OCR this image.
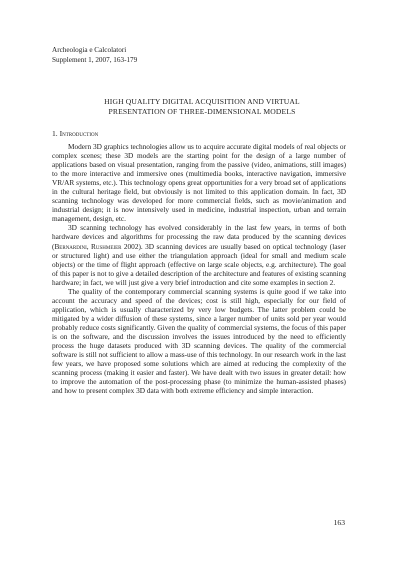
Archeologia e Calcolatori
Supplement 1, 2007, 163-179
HIGH QUALITY DIGITAL ACQUISITION AND VIRTUAL
PRESENTATION OF THREE-DIMENSIONAL MODELS
1. Introduction

Modern 3D graphics technologies allow us to acquire accurate digital models of real objects or complex scenes; these 3D models are the starting point for the design of a large number of applications based on visual presentation, ranging from the passive (video, animations, still images) to the more interactive and immersive ones (multimedia books, interactive navigation, immersive VR/AR systems, etc.). This technology opens great opportunities for a very broad set of applications in the cultural heritage field, but obviously is not limited to this application domain. In fact, 3D scanning technology was developed for more commercial fields, such as movie/animation and industrial design; it is now intensively used in medicine, industrial inspection, urban and terrain management, design, etc.

3D scanning technology has evolved considerably in the last few years, in terms of both hardware devices and algorithms for processing the raw data produced by the scanning devices (Bernardini, Rushmeier 2002). 3D scanning devices are usually based on optical technology (laser or structured light) and use either the triangulation approach (ideal for small and medium scale objects) or the time of flight approach (effective on large scale objects, e.g. architecture). The goal of this paper is not to give a detailed description of the architecture and features of existing scanning hardware; in fact, we will just give a very brief introduction and cite some examples in section 2.

The quality of the contemporary commercial scanning systems is quite good if we take into account the accuracy and speed of the devices; cost is still high, especially for our field of application, which is usually characterized by very low budgets. The latter problem could be mitigated by a wider diffusion of these systems, since a larger number of units sold per year would probably reduce costs significantly. Given the quality of commercial systems, the focus of this paper is on the software, and the discussion involves the issues introduced by the need to efficiently process the huge datasets produced with 3D scanning devices. The quality of the commercial software is still not sufficient to allow a mass-use of this technology. In our research work in the last few years, we have proposed some solutions which are aimed at reducing the complexity of the scanning process (making it easier and faster). We have dealt with two issues in greater detail: how to improve the automation of the post-processing phase (to minimize the human-assisted phases) and how to present complex 3D data with both extreme efficiency and simple interaction.

163
